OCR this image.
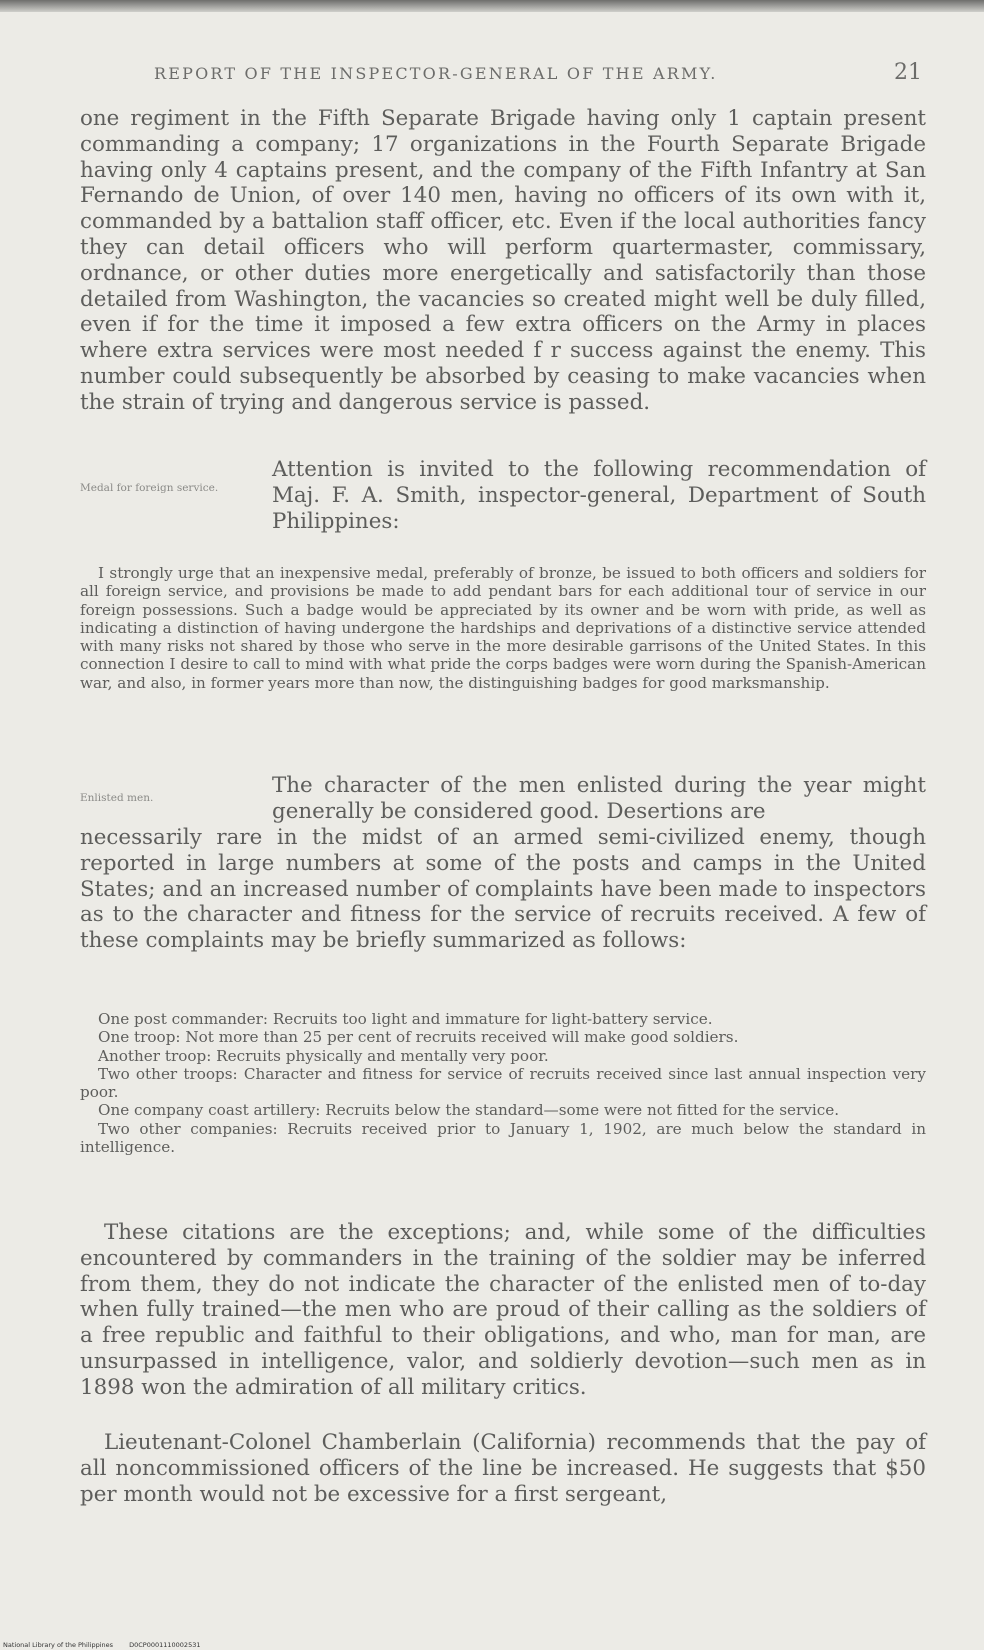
REPORT OF THE INSPECTOR-GENERAL OF THE ARMY.	21
one regiment in the Fifth Separate Brigade having only 1 captain present commanding a company; 17 organizations in the Fourth Separate Brigade having only 4 captains present, and the company of the Fifth Infantry at San Fernando de Union, of over 140 men, having no officers of its own with it, commanded by a battalion staff officer, etc. Even if the local authorities fancy they can detail officers who will perform quartermaster, commissary, ordnance, or other duties more energetically and satisfactorily than those detailed from Washington, the vacancies so created might well be duly filled, even if for the time it imposed a few extra officers on the Army in places where extra services were most needed f r success against the enemy. This number could subsequently be absorbed by ceasing to make vacancies when the strain of trying and dangerous service is passed.
Medal for foreign service.
Attention is invited to the following recommendation of Maj. F. A. Smith, inspector-general, Department of South Philippines:
I strongly urge that an inexpensive medal, preferably of bronze, be issued to both officers and soldiers for all foreign service, and provisions be made to add pendant bars for each additional tour of service in our foreign possessions. Such a badge would be appreciated by its owner and be worn with pride, as well as indicating a distinction of having undergone the hardships and deprivations of a distinctive service attended with many risks not shared by those who serve in the more desirable garrisons of the United States. In this connection I desire to call to mind with what pride the corps badges were worn during the Spanish-American war, and also, in former years more than now, the distinguishing badges for good marksmanship.
Enlisted men.	The character of the men enlisted during the year might generally be considered good. Desertions are
necessarily rare in the midst of an armed semi-civilized enemy, though reported in large numbers at some of the posts and camps in the United States; and an increased number of complaints have been made to inspectors as to the character and fitness for the service of recruits received. A few of these complaints may be briefly summarized as follows:

One post commander: Recruits too light and immature for light-battery service.

One troop: Not more than 25 per cent of recruits received will make good soldiers.

Another troop: Recruits physically and mentally very poor.

Two other troops: Character and fitness for service of recruits received since last annual inspection very poor.

One company coast artillery: Recruits below the standard—some were not fitted for the service.

Two other companies: Recruits received prior to January 1, 1902, are much below the standard in intelligence.

These citations are the exceptions; and, while some of the difficulties encountered by commanders in the training of the soldier may be inferred from them, they do not indicate the character of the enlisted men of to-day when fully trained—the men who are proud of their calling as the soldiers of a free republic and faithful to their obligations, and who, man for man, are unsurpassed in intelligence, valor, and soldierly devotion—such men as in 1898 won the admiration of all military critics.

Lieutenant-Colonel Chamberlain (California) recommends that the pay of all noncommissioned officers of the line be increased. He suggests that $50 per month would not be excessive for a first sergeant,

National Library of the Philippines D0CP0001110002531
